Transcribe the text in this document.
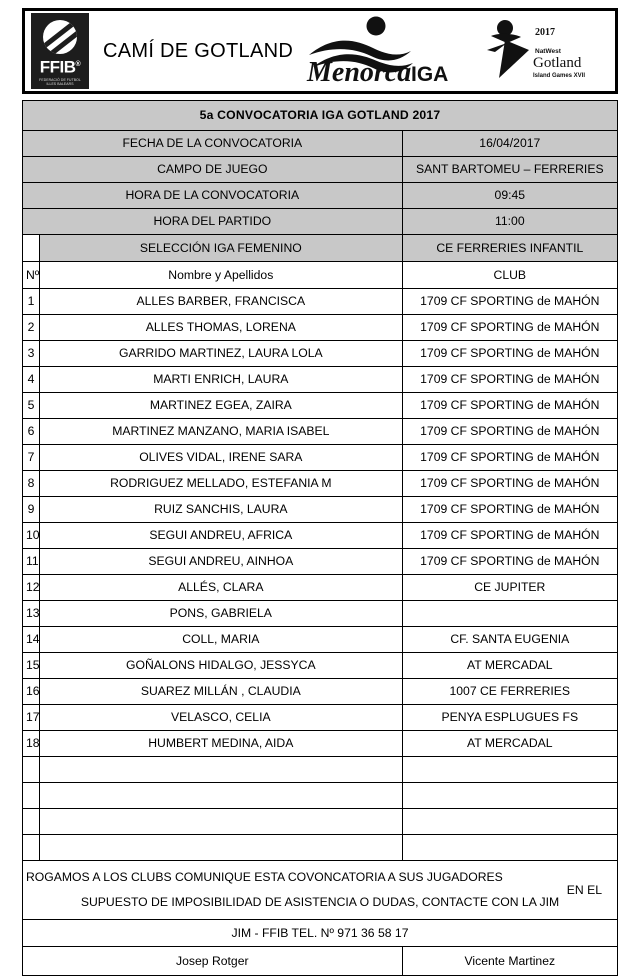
FFIB®
FEDERACIÓ DE FUTBOL ILLES BALEARS
CAMÍ DE GOTLAND
Menorca IGA
2017
NatWest
Gotland
Island Games XVII
5a CONVOCATORIA IGA GOTLAND 2017		
FECHA DE LA CONVOCATORIA		16/04/2017
CAMPO DE JUEGO		SANT BARTOMEU – FERRERIES
HORA DE LA CONVOCATORIA		09:45
HORA DEL PARTIDO		11:00
	SELECCIÓN IGA FEMENINO	CE FERRERIES INFANTIL
Nº	Nombre y Apellidos	CLUB
1	ALLES BARBER, FRANCISCA	1709 CF SPORTING de MAHÓN
2	ALLES THOMAS, LORENA	1709 CF SPORTING de MAHÓN
3	GARRIDO MARTINEZ, LAURA LOLA	1709 CF SPORTING de MAHÓN
4	MARTI ENRICH, LAURA	1709 CF SPORTING de MAHÓN
5	MARTINEZ EGEA, ZAIRA	1709 CF SPORTING de MAHÓN
6	MARTINEZ MANZANO, MARIA ISABEL	1709 CF SPORTING de MAHÓN
7	OLIVES VIDAL, IRENE SARA	1709 CF SPORTING de MAHÓN
8	RODRIGUEZ MELLADO, ESTEFANIA M	1709 CF SPORTING de MAHÓN
9	RUIZ SANCHIS, LAURA	1709 CF SPORTING de MAHÓN
10	SEGUI ANDREU, AFRICA	1709 CF SPORTING de MAHÓN
11	SEGUI ANDREU, AINHOA	1709 CF SPORTING de MAHÓN
12	ALLÉS, CLARA	CE JUPITER
13	PONS, GABRIELA	
14	COLL, MARIA	CF. SANTA EUGENIA
15	GOÑALONS HIDALGO, JESSYCA	AT MERCADAL
16	SUAREZ MILLÁN , CLAUDIA	1007 CE FERRERIES
17	VELASCO, CELIA	PENYA ESPLUGUES FS
18	HUMBERT MEDINA, AIDA	AT MERCADAL

ROGAMOS A LOS CLUBS COMUNIQUE ESTA COVONCATORIA A SUS JUGADORES
EN EL
SUPUESTO DE IMPOSIBILIDAD DE ASISTENCIA O DUDAS, CONTACTE CON LA JIM		

JIM - FFIB TEL. Nº 971 36 58 17		
Josep Rotger		Vicente Martinez
